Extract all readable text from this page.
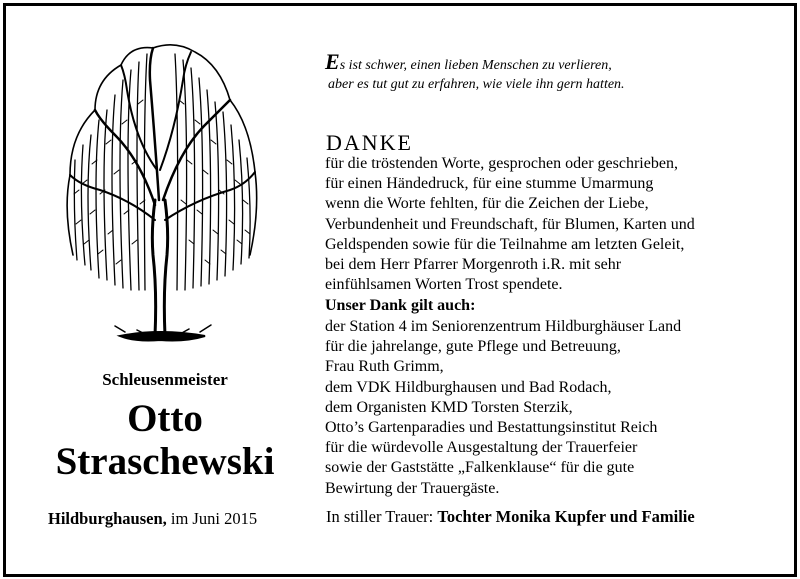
Schleusenmeister
Otto
Straschewski
Hildburghausen, im Juni 2015
Es ist schwer, einen lieben Menschen zu verlieren,
aber es tut gut zu erfahren, wie viele ihn gern hatten.
DANKE
für die tröstenden Worte, gesprochen oder geschrieben,
für einen Händedruck, für eine stumme Umarmung
wenn die Worte fehlten, für die Zeichen der Liebe,
Verbundenheit und Freundschaft, für Blumen, Karten und
Geldspenden sowie für die Teilnahme am letzten Geleit,
bei dem Herr Pfarrer Morgenroth i.R. mit sehr
einfühlsamen Worten Trost spendete.
Unser Dank gilt auch:
der Station 4 im Seniorenzentrum Hildburghäuser Land
für die jahrelange, gute Pflege und Betreuung,
Frau Ruth Grimm,
dem VDK Hildburghausen und Bad Rodach,
dem Organisten KMD Torsten Sterzik,
Otto’s Gartenparadies und Bestattungsinstitut Reich
für die würdevolle Ausgestaltung der Trauerfeier
sowie der Gaststätte „Falkenklause“ für die gute
Bewirtung der Trauergäste.
In stiller Trauer: Tochter Monika Kupfer und Familie
